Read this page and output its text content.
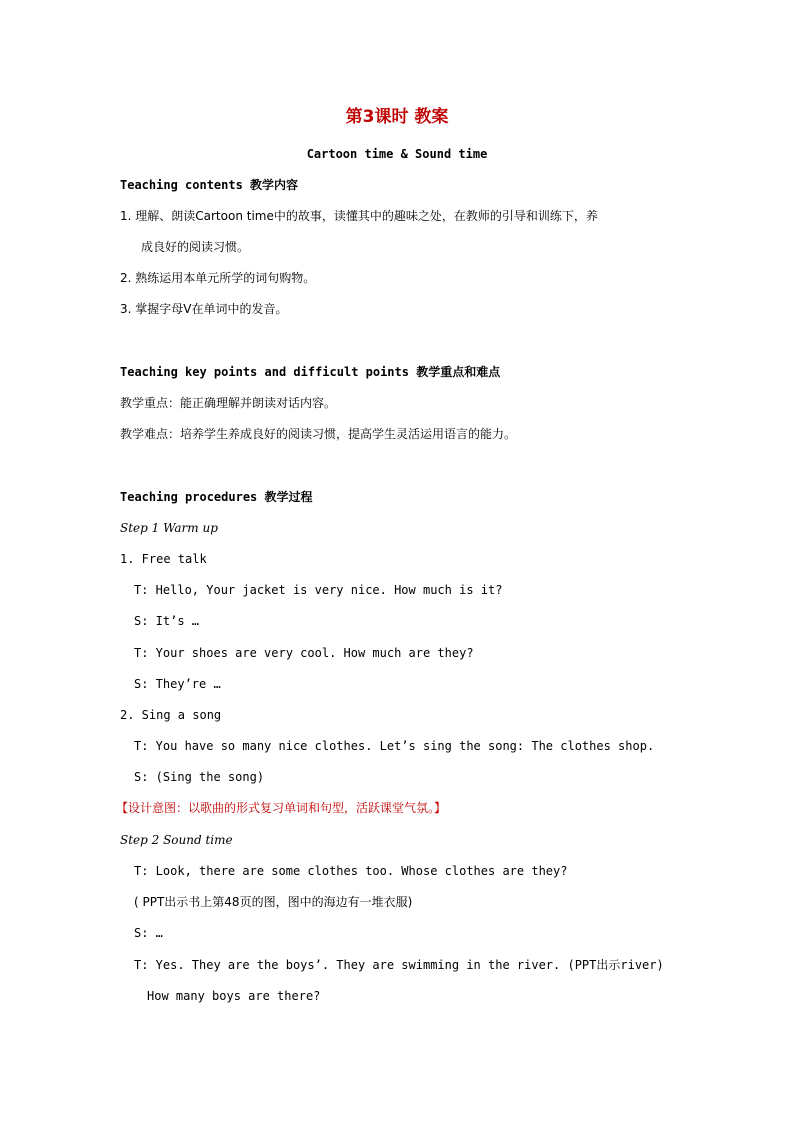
第3课时 教案
Cartoon time & Sound time
Teaching contents 教学内容
1. 理解、朗读Cartoon time中的故事，读懂其中的趣味之处，在教师的引导和训练下，养
成良好的阅读习惯。
2. 熟练运用本单元所学的词句购物。
3. 掌握字母V在单词中的发音。
Teaching key points and difficult points 教学重点和难点
教学重点：能正确理解并朗读对话内容。
教学难点：培养学生养成良好的阅读习惯，提高学生灵活运用语言的能力。
Teaching procedures 教学过程
Step 1 Warm up
1. Free talk
T: Hello, Your jacket is very nice. How much is it?
S: It’s …
T: Your shoes are very cool. How much are they?
S: They’re …
2. Sing a song
T: You have so many nice clothes. Let’s sing the song: The clothes shop.
S: (Sing the song)
【设计意图：以歌曲的形式复习单词和句型，活跃课堂气氛。】
Step 2 Sound time
T: Look, there are some clothes too. Whose clothes are they?
( PPT出示书上第48页的图，图中的海边有一堆衣服)
S: …
T: Yes. They are the boys’. They are swimming in the river. (PPT出示river)
How many boys are there?
